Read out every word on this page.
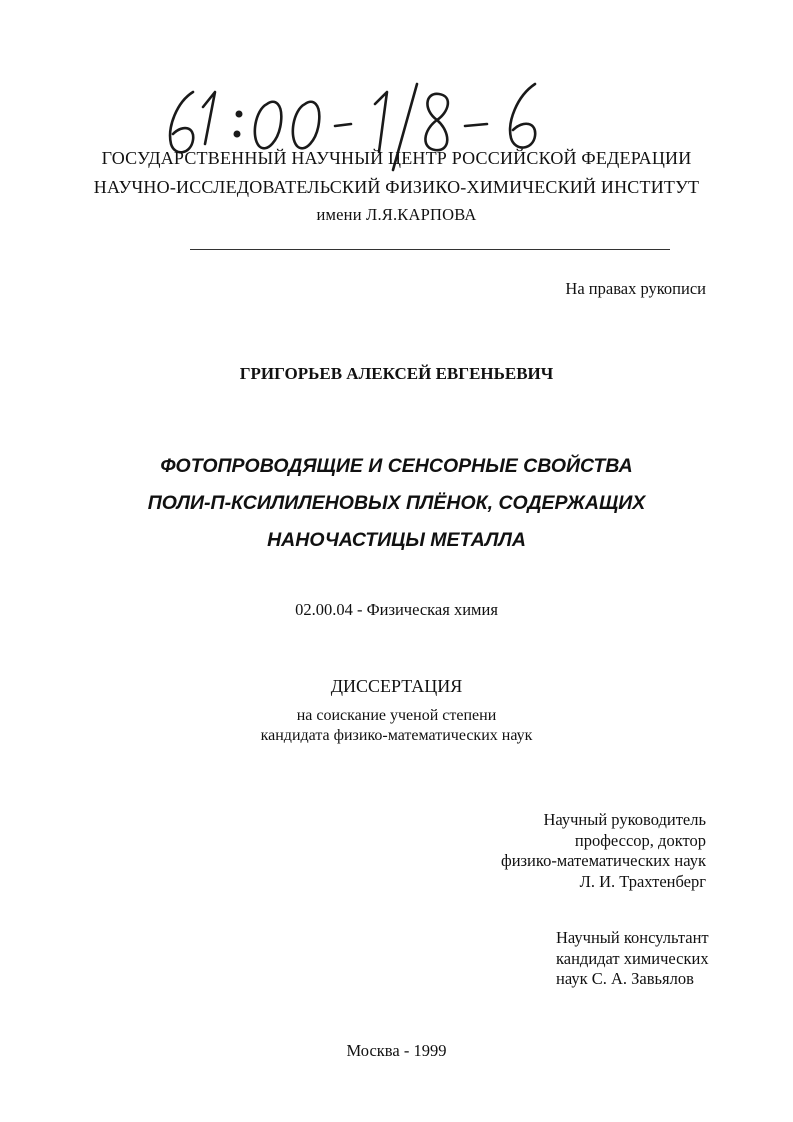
ГОСУДАРСТВЕННЫЙ НАУЧНЫЙ ЦЕНТР РОССИЙСКОЙ ФЕДЕРАЦИИ
НАУЧНО-ИССЛЕДОВАТЕЛЬСКИЙ ФИЗИКО-ХИМИЧЕСКИЙ ИНСТИТУТ
имени Л.Я.КАРПОВА
На правах рукописи
ГРИГОРЬЕВ АЛЕКСЕЙ ЕВГЕНЬЕВИЧ
ФОТОПРОВОДЯЩИЕ И СЕНСОРНЫЕ СВОЙСТВА
ПОЛИ-П-КСИЛИЛЕНОВЫХ ПЛЁНОК, СОДЕРЖАЩИХ
НАНОЧАСТИЦЫ МЕТАЛЛА
02.00.04 - Физическая химия
ДИССЕРТАЦИЯ
на соискание ученой степени
кандидата физико-математических наук
Научный руководитель
профессор, доктор
физико-математических наук
Л. И. Трахтенберг
Научный консультант
кандидат химических
наук С. А. Завьялов
Москва - 1999
